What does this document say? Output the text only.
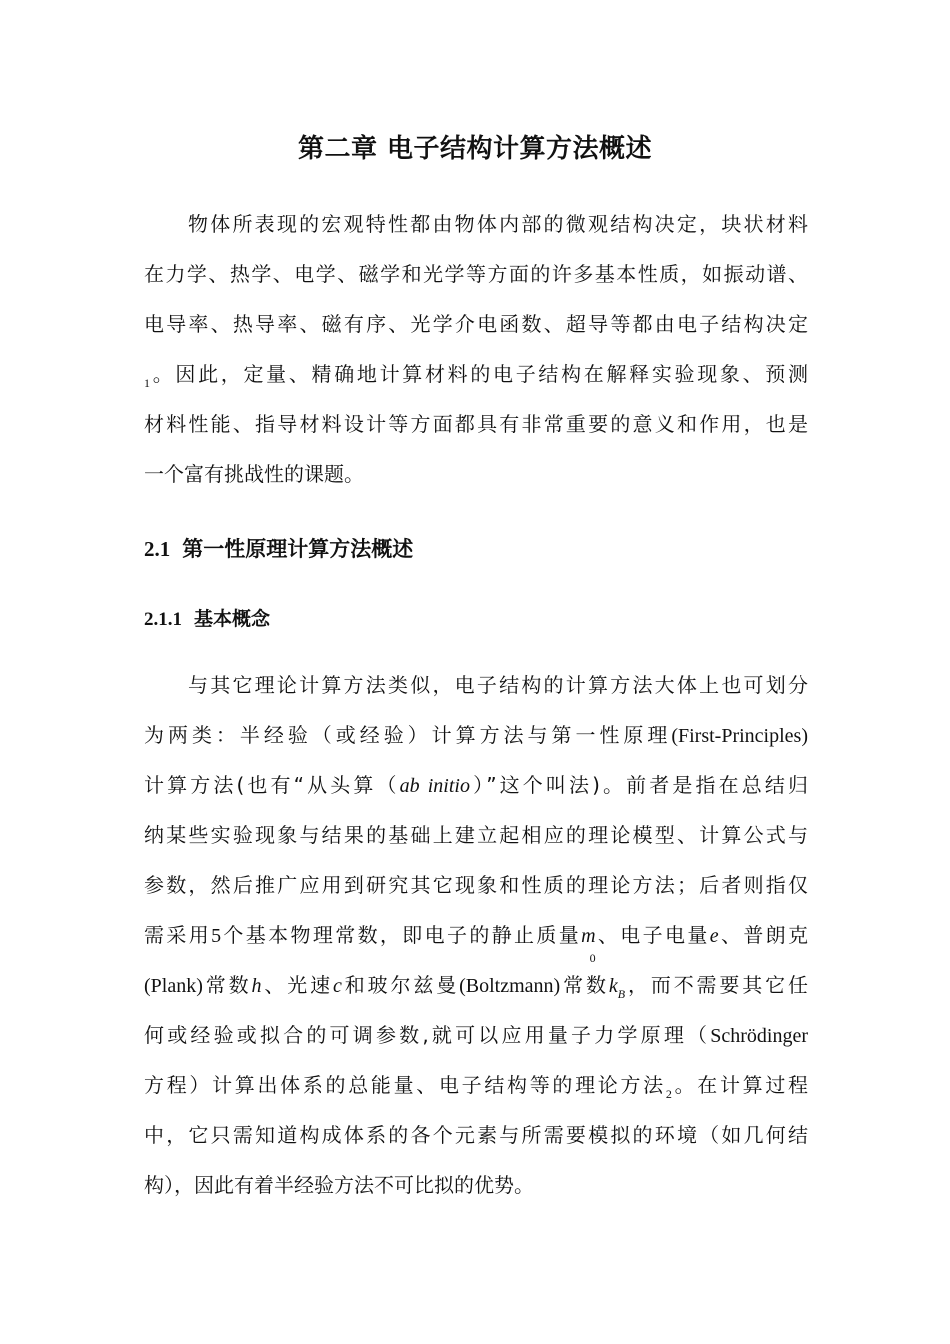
第二章 电子结构计算方法概述
物体所表现的宏观特性都由物体内部的微观结构决定，块状材料
在力学、热学、电学、磁学和光学等方面的许多基本性质，如振动谱、
电导率、热导率、磁有序、光学介电函数、超导等都由电子结构决定
$_1$。因此，定量、精确地计算材料的电子结构在解释实验现象、预测
材料性能、指导材料设计等方面都具有非常重要的意义和作用，也是
一个富有挑战性的课题。
2.1 第一性原理计算方法概述
2.1.1 基本概念
与其它理论计算方法类似，电子结构的计算方法大体上也可划分
为两类：半经验（或经验）计算方法与第一性原理(First-Principles)
计算方法(也有“从头算（ab initio）”这个叫法)。前者是指在总结归
纳某些实验现象与结果的基础上建立起相应的理论模型、计算公式与
参数，然后推广应用到研究其它现象和性质的理论方法；后者则指仅
需采用5个基本物理常数，即电子的静止质量$m_0$、电子电量e、普朗克
(Plank)常数h、光速c和玻尔兹曼(Boltzmann)常数$k_B$，而不需要其它任
何或经验或拟合的可调参数,就可以应用量子力学原理（Schrödinger
方程）计算出体系的总能量、电子结构等的理论方法$_2$。在计算过程
中，它只需知道构成体系的各个元素与所需要模拟的环境（如几何结
构），因此有着半经验方法不可比拟的优势。
